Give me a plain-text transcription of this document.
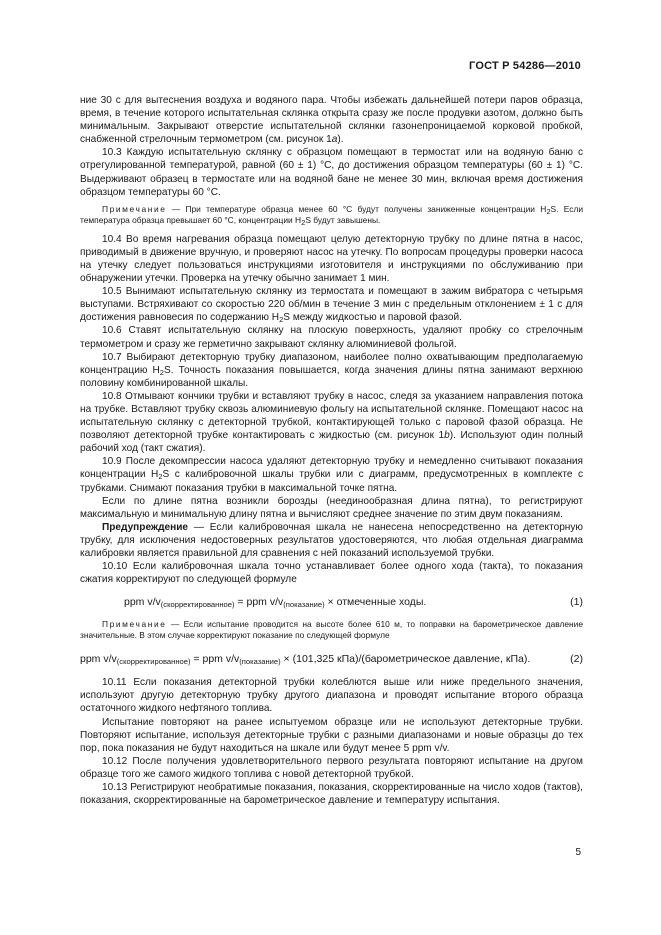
ГОСТ Р 54286—2010

ние 30 с для вытеснения воздуха и водяного пара. Чтобы избежать дальнейшей потери паров образца, время, в течение которого испытательная склянка открыта сразу же после продувки азотом, должно быть минимальным. Закрывают отверстие испытательной склянки газонепроницаемой корковой пробкой, снабженной стрелочным термометром (см. рисунок 1а).

10.3 Каждую испытательную склянку с образцом помещают в термостат или на водяную баню с отрегулированной температурой, равной (60 ± 1) °С, до достижения образцом температуры (60 ± 1) °С. Выдерживают образец в термостате или на водяной бане не менее 30 мин, включая время достижения образцом температуры 60 °С.

Примечание — При температуре образца менее 60 °С будут получены заниженные концентрации $H_2S$. Если температура образца превышает 60 °С, концентрации $H_2S$ будут завышены.

10.4 Во время нагревания образца помещают целую детекторную трубку по длине пятна в насос, приводимый в движение вручную, и проверяют насос на утечку. По вопросам процедуры проверки насоса на утечку следует пользоваться инструкциями изготовителя и инструкциями по обслуживанию при обнаружении утечки. Проверка на утечку обычно занимает 1 мин.

10.5 Вынимают испытательную склянку из термостата и помещают в зажим вибратора с четырьмя выступами. Встряхивают со скоростью 220 об/мин в течение 3 мин с предельным отклонением ± 1 с для достижения равновесия по содержанию $H_2S$ между жидкостью и паровой фазой.

10.6 Ставят испытательную склянку на плоскую поверхность, удаляют пробку со стрелочным термометром и сразу же герметично закрывают склянку алюминиевой фольгой.

10.7 Выбирают детекторную трубку диапазоном, наиболее полно охватывающим предполагаемую концентрацию $H_2S$. Точность показания повышается, когда значения длины пятна занимают верхнюю половину комбинированной шкалы.

10.8 Отмывают кончики трубки и вставляют трубку в насос, следя за указанием направления потока на трубке. Вставляют трубку сквозь алюминиевую фольгу на испытательной склянке. Помещают насос на испытательную склянку с детекторной трубкой, контактирующей только с паровой фазой образца. Не позволяют детекторной трубке контактировать с жидкостью (см. рисунок 1b). Используют один полный рабочий ход (такт сжатия).

10.9 После декомпрессии насоса удаляют детекторную трубку и немедленно считывают показания концентрации $H_2S$ с калибровочной шкалы трубки или с диаграмм, предусмотренных в комплекте с трубками. Снимают показания трубки в максимальной точке пятна.

Если по длине пятна возникли борозды (неединообразная длина пятна), то регистрируют максимальную и минимальную длину пятна и вычисляют среднее значение по этим двум показаниям.

Предупреждение — Если калибровочная шкала не нанесена непосредственно на детекторную трубку, для исключения недостоверных результатов удостоверяются, что любая отдельная диаграмма калибровки является правильной для сравнения с ней показаний используемой трубки.

10.10 Если калибровочная шкала точно устанавливает более одного хода (такта), то показания сжатия корректируют по следующей формуле

ppm $v/v_{(скорректированное)}$ = ppm $v/v_{(показание)}$ × отмеченные ходы.	(1)

Примечание — Если испытание проводится на высоте более 610 м, то поправки на барометрическое давление значительные. В этом случае корректируют показание по следующей формуле

ppm $v/v_{(скорректированное)}$ = ppm $v/v_{(показание)} \times (101,325$ кПа)/(барометрическое давление, кПа).	(2)

10.11 Если показания детекторной трубки колеблются выше или ниже предельного значения, используют другую детекторную трубку другого диапазона и проводят испытание второго образца остаточного жидкого нефтяного топлива.

Испытание повторяют на ранее испытуемом образце или не используют детекторные трубки. Повторяют испытание, используя детекторные трубки с разными диапазонами и новые образцы до тех пор, пока показания не будут находиться на шкале или будут менее 5 ppm v/v.

10.12 После получения удовлетворительного первого результата повторяют испытание на другом образце того же самого жидкого топлива с новой детекторной трубкой.

10.13 Регистрируют необратимые показания, показания, скорректированные на число ходов (тактов), показания, скорректированные на барометрическое давление и температуру испытания.

5
